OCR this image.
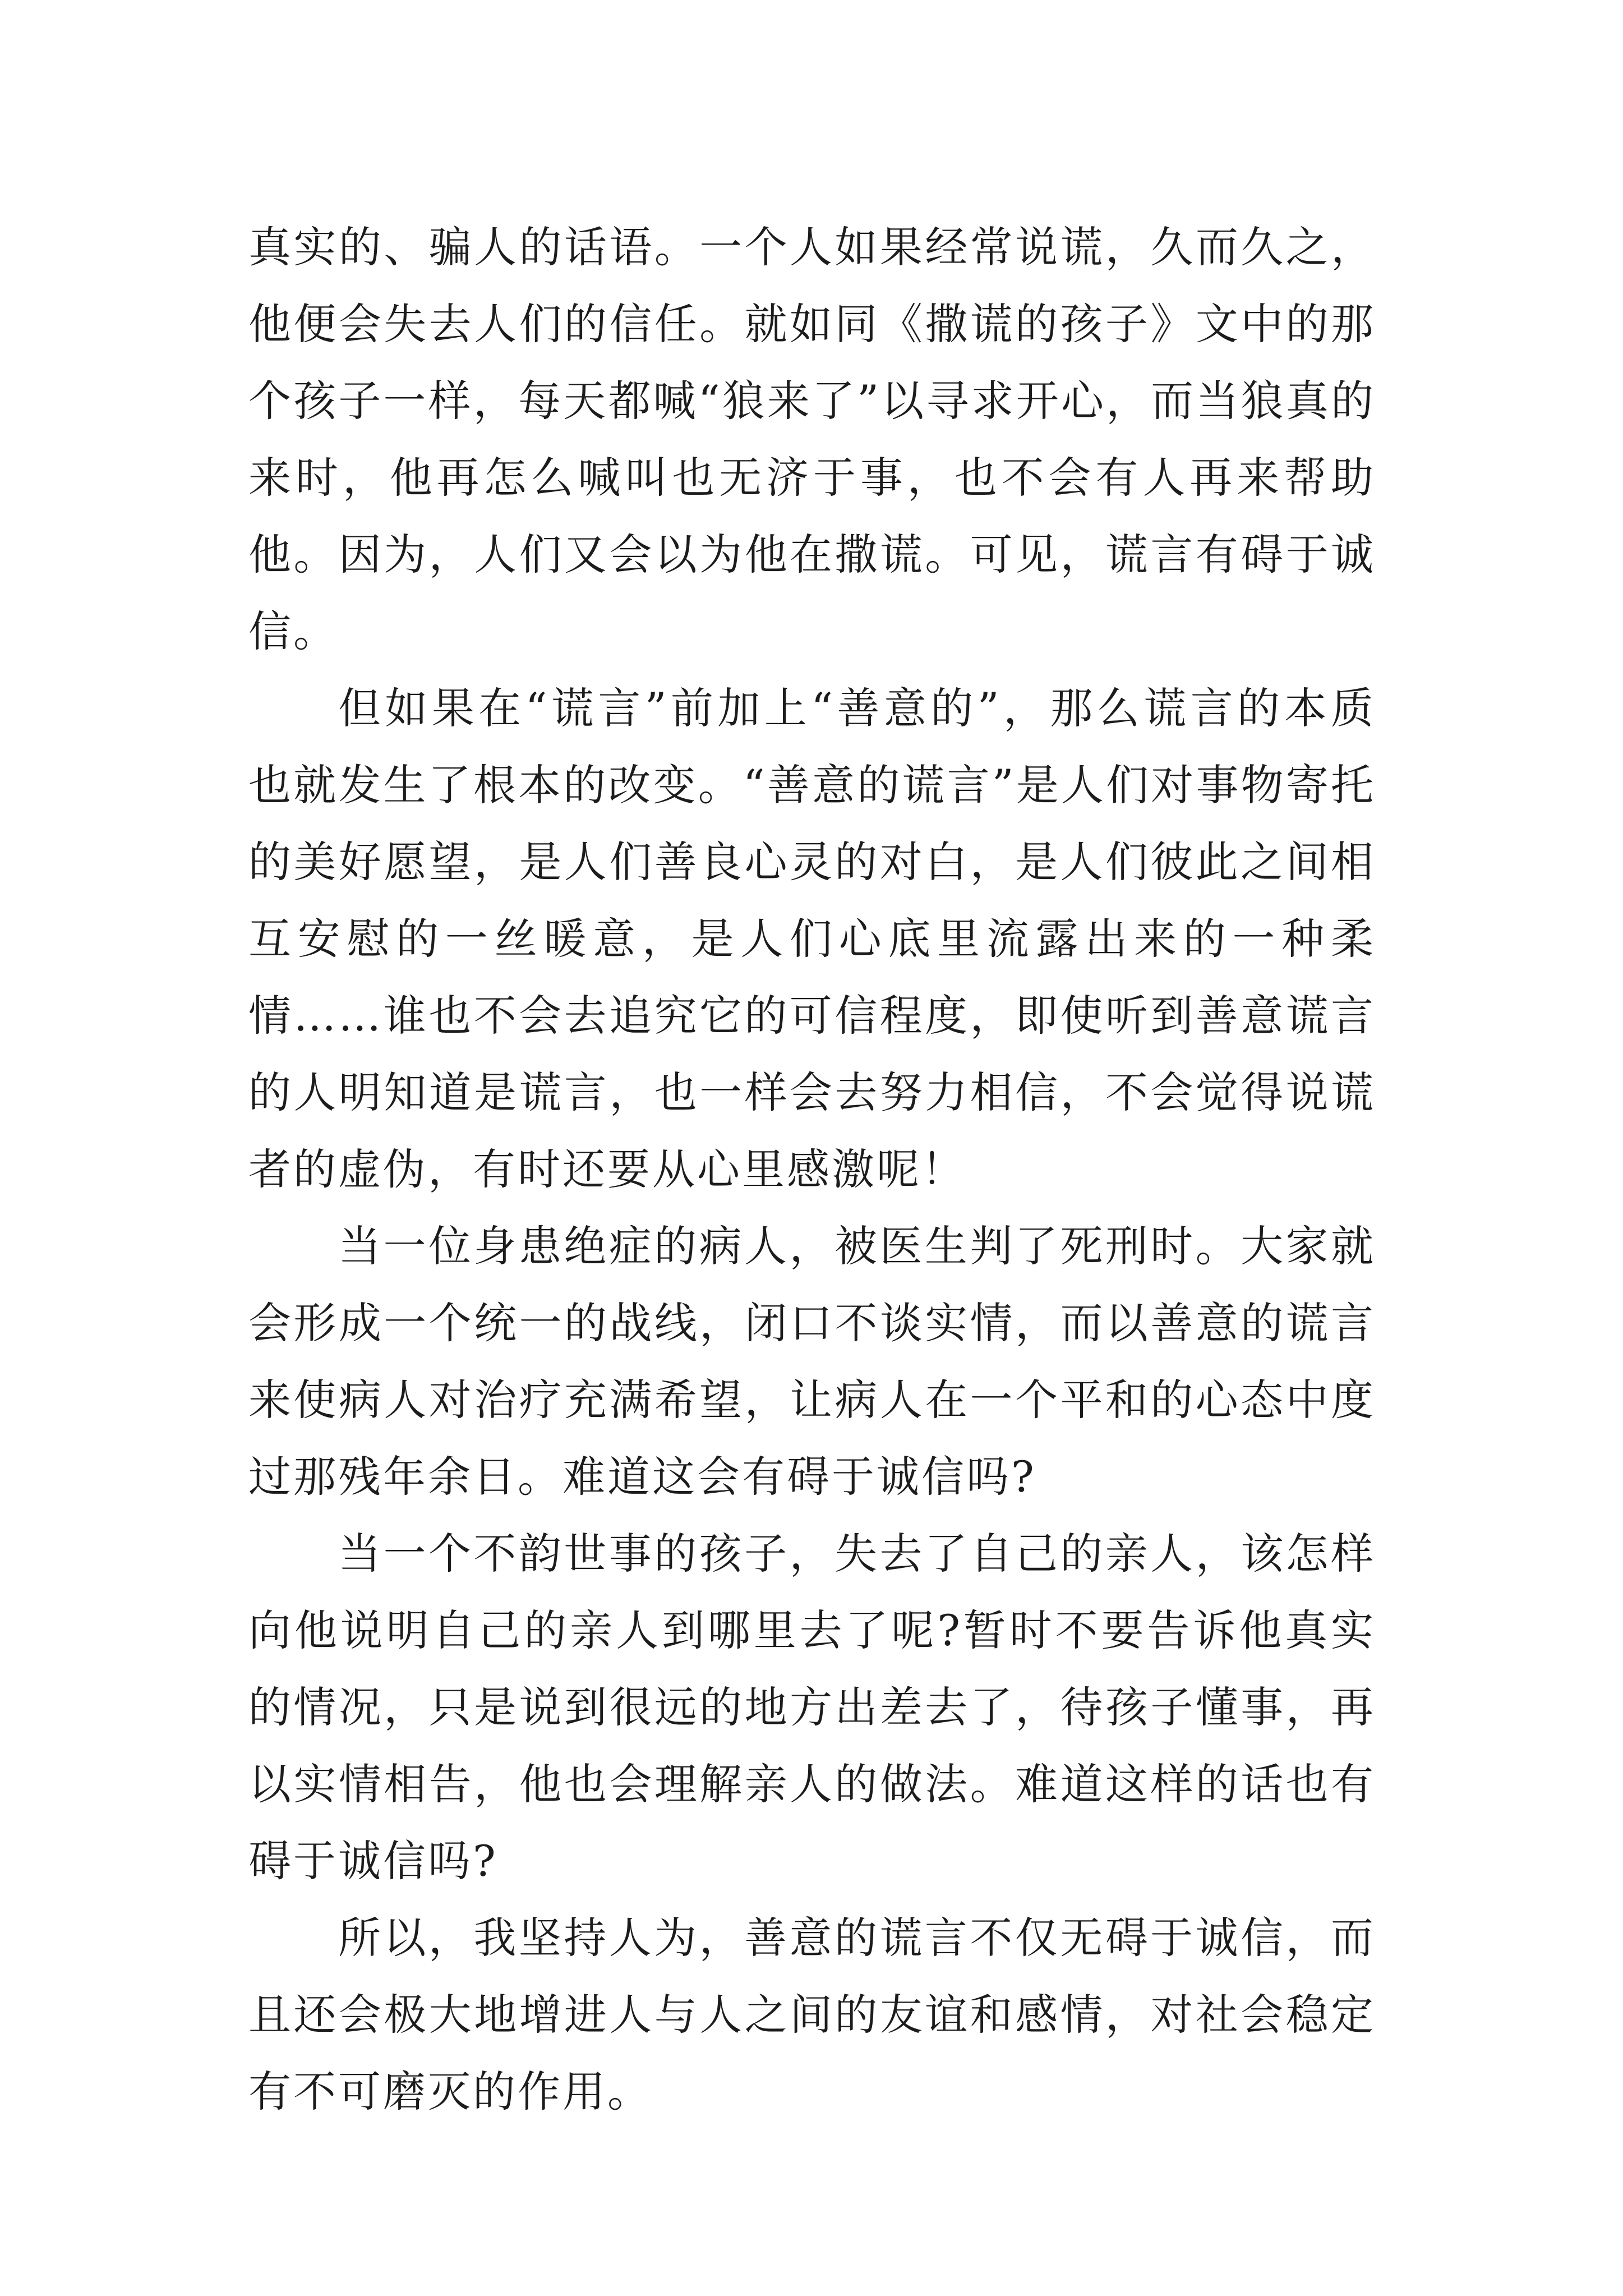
真实的、骗人的话语。一个人如果经常说谎，久而久之，他便会失去人们的信任。就如同《撒谎的孩子》文中的那个孩子一样，每天都喊“狼来了”以寻求开心，而当狼真的来时，他再怎么喊叫也无济于事，也不会有人再来帮助他。因为，人们又会以为他在撒谎。可见，谎言有碍于诚信。

但如果在“谎言”前加上“善意的”，那么谎言的本质也就发生了根本的改变。“善意的谎言”是人们对事物寄托的美好愿望，是人们善良心灵的对白，是人们彼此之间相互安慰的一丝暖意，是人们心底里流露出来的一种柔情……谁也不会去追究它的可信程度，即使听到善意谎言的人明知道是谎言，也一样会去努力相信，不会觉得说谎者的虚伪，有时还要从心里感激呢！

当一位身患绝症的病人，被医生判了死刑时。大家就会形成一个统一的战线，闭口不谈实情，而以善意的谎言来使病人对治疗充满希望，让病人在一个平和的心态中度过那残年余日。难道这会有碍于诚信吗?

当一个不韵世事的孩子，失去了自己的亲人，该怎样向他说明自己的亲人到哪里去了呢?暂时不要告诉他真实的情况，只是说到很远的地方出差去了，待孩子懂事，再以实情相告，他也会理解亲人的做法。难道这样的话也有碍于诚信吗?

所以，我坚持人为，善意的谎言不仅无碍于诚信，而且还会极大地增进人与人之间的友谊和感情，对社会稳定有不可磨灭的作用。
